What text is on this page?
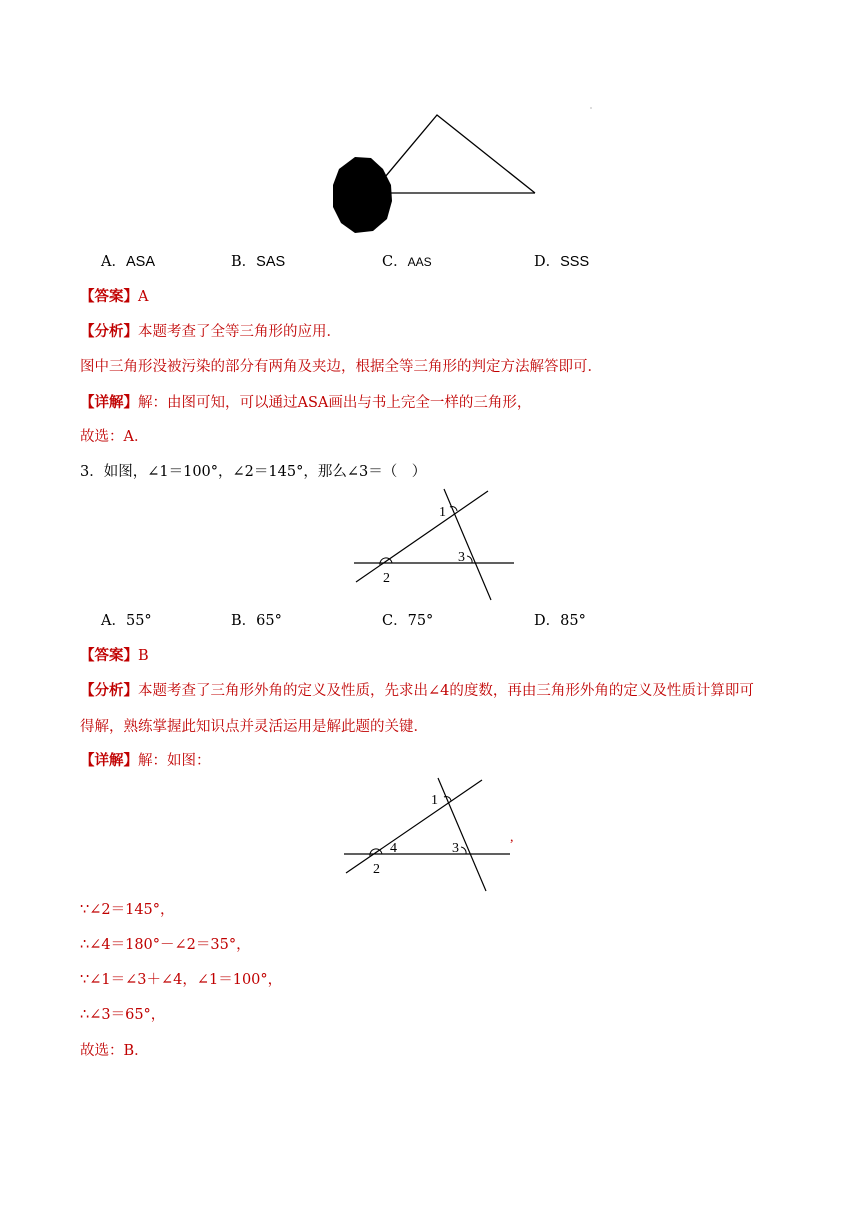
A．ASA	B．SAS	C．AAS	D．SSS
【答案】A
【分析】本题考查了全等三角形的应用．
图中三角形没被污染的部分有两角及夹边，根据全等三角形的判定方法解答即可．
【详解】解：由图可知，可以通过ASA画出与书上完全一样的三角形，
故选：A．
3．如图，∠1＝100°，∠2＝145°，那么∠3＝（　）
1
3
2
A．55°	B．65°	C．75°	D．85°
【答案】B
【分析】本题考查了三角形外角的定义及性质，先求出∠4的度数，再由三角形外角的定义及性质计算即可
得解，熟练掌握此知识点并灵活运用是解此题的关键．
【详解】解：如图：
1
4	3
2
,
∵∠2＝145°，
∴∠4＝180°－∠2＝35°，
∵∠1＝∠3＋∠4，∠1＝100°，
∴∠3＝65°，
故选：B．
